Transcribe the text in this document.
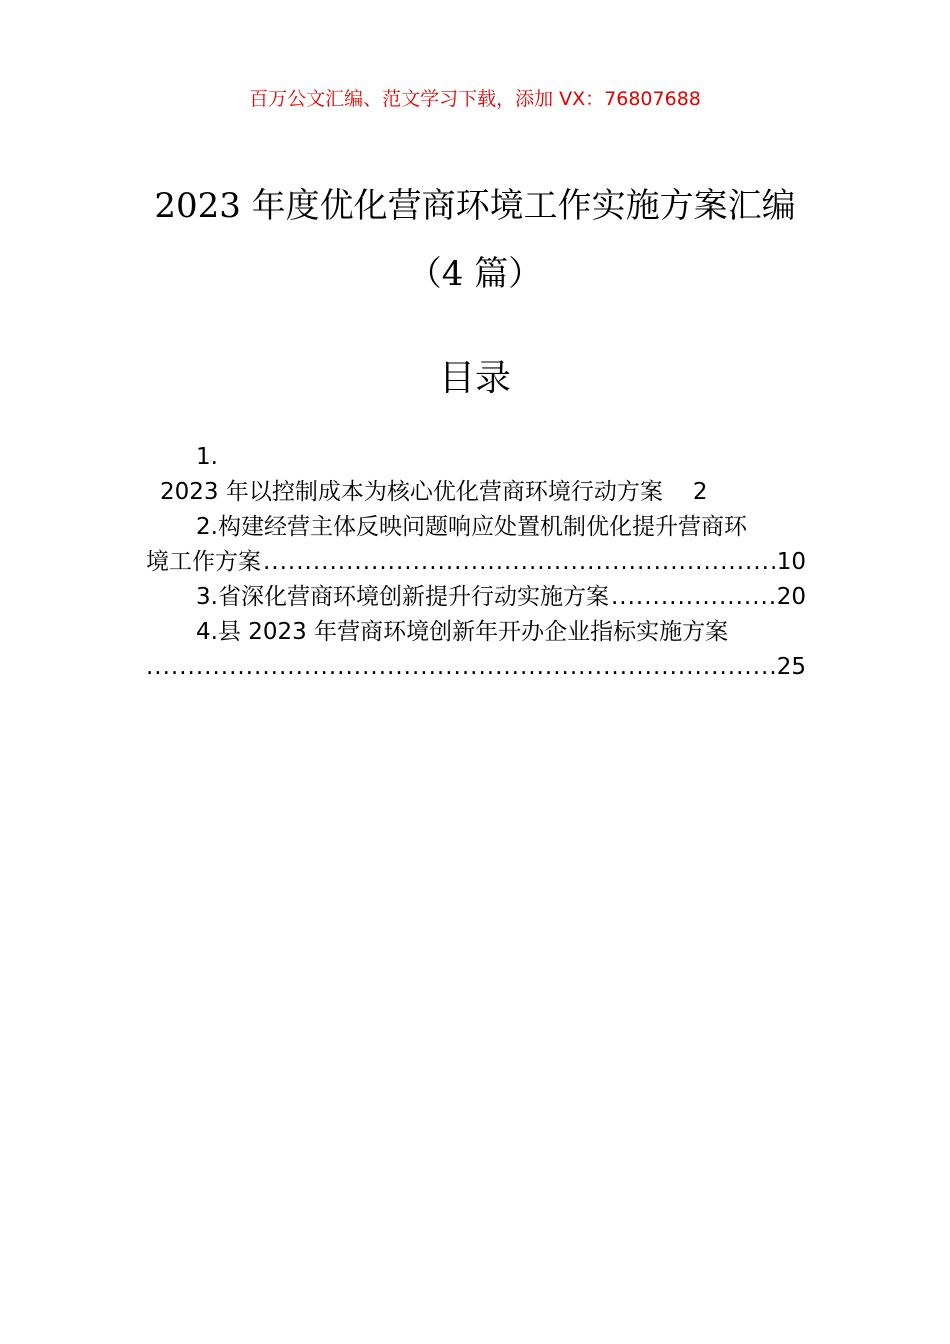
百万公文汇编、范文学习下载，添加 VX：76807688
2023 年度优化营商环境工作实施方案汇编
（4 篇）
目录
1.
2023 年以控制成本为核心优化营商环境行动方案 2
2.构建经营主体反映问题响应处置机制优化提升营商环
境工作方案 .....	10
3.省深化营商环境创新提升行动实施方案 .....	20
4.县 2023 年营商环境创新年开办企业指标实施方案
.....
25
